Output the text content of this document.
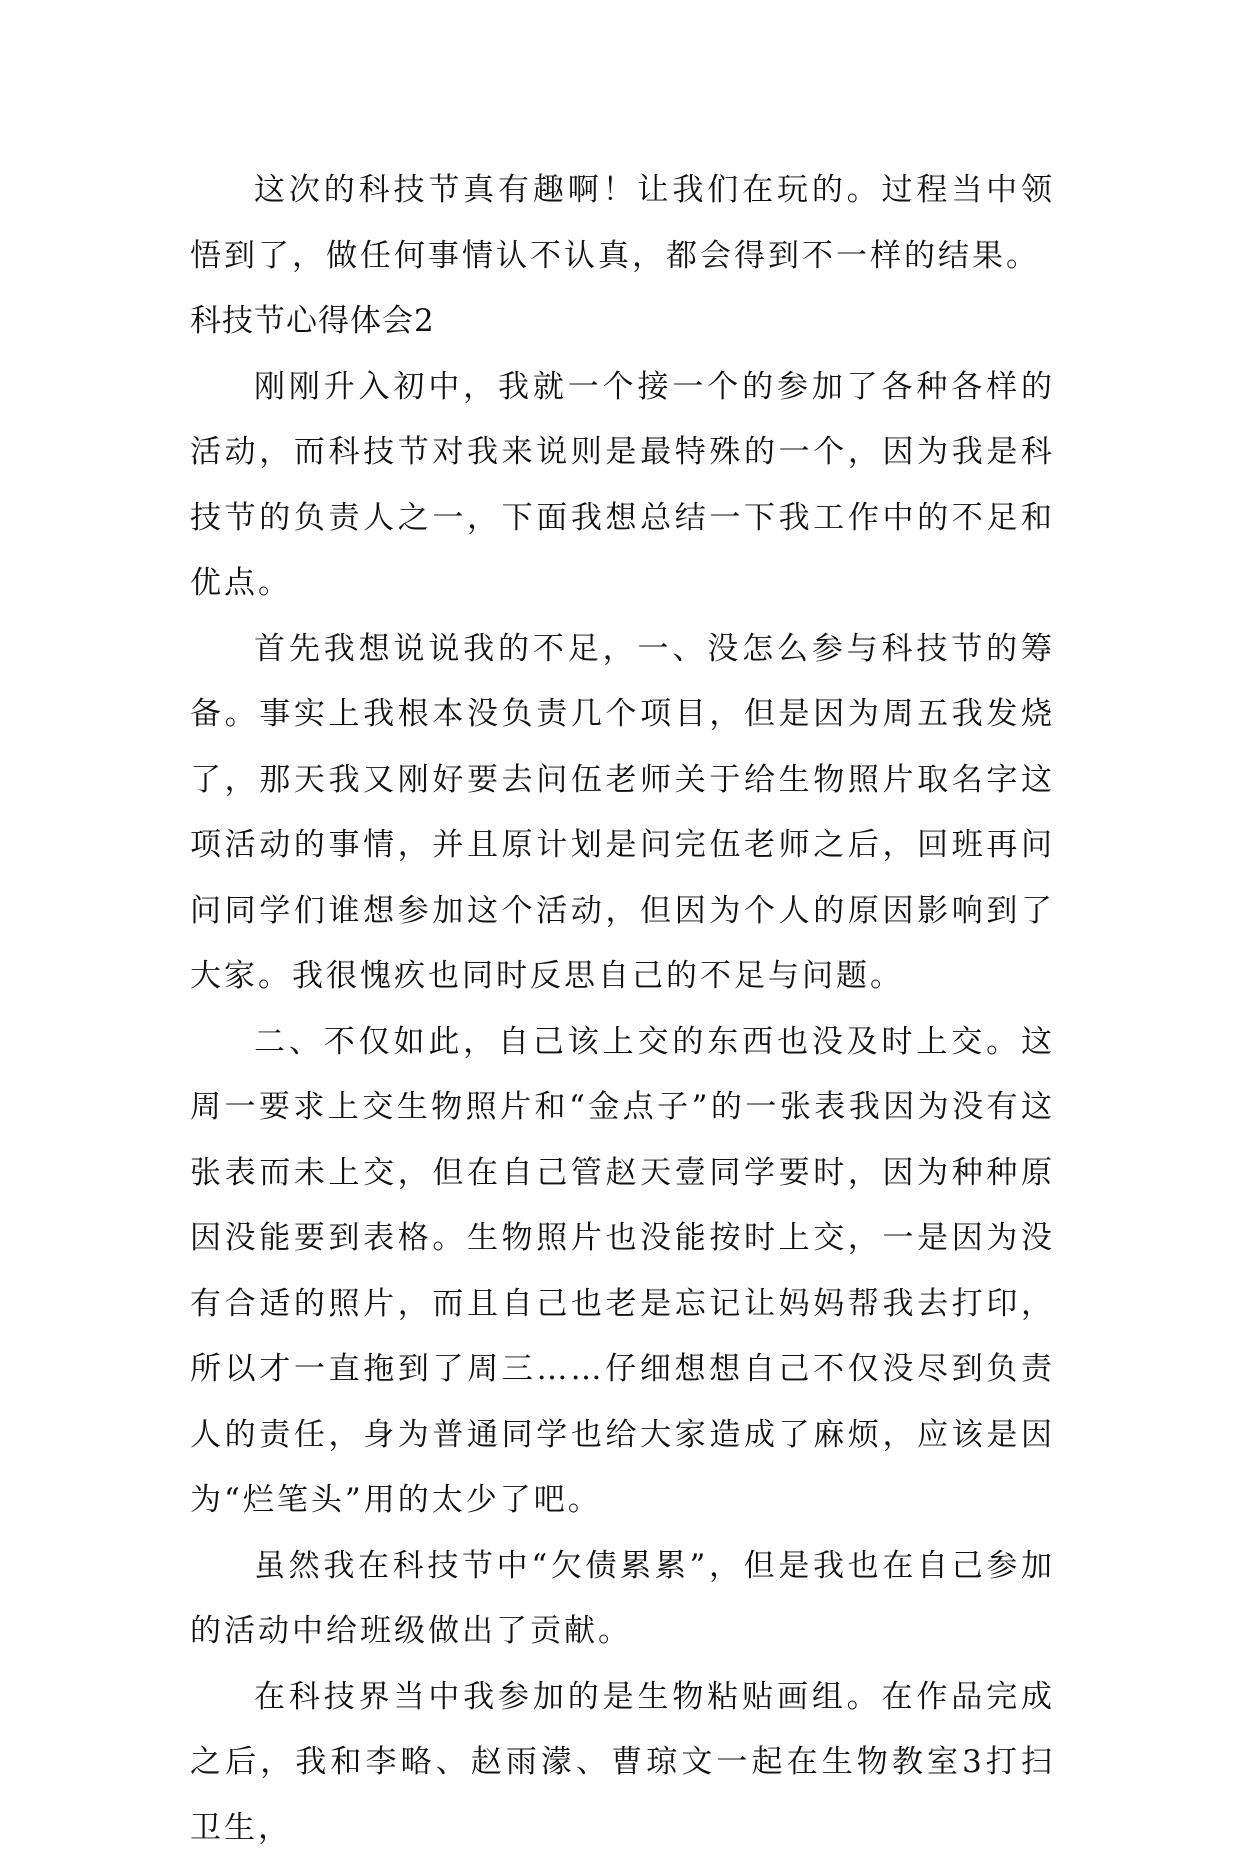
这次的科技节真有趣啊！让我们在玩的。过程当中领悟到了，做任何事情认不认真，都会得到不一样的结果。

科技节心得体会2

刚刚升入初中，我就一个接一个的参加了各种各样的活动，而科技节对我来说则是最特殊的一个，因为我是科技节的负责人之一，下面我想总结一下我工作中的不足和优点。

首先我想说说我的不足，一、没怎么参与科技节的筹备。事实上我根本没负责几个项目，但是因为周五我发烧了，那天我又刚好要去问伍老师关于给生物照片取名字这项活动的事情，并且原计划是问完伍老师之后，回班再问问同学们谁想参加这个活动，但因为个人的原因影响到了大家。我很愧疚也同时反思自己的不足与问题。

二、不仅如此，自己该上交的东西也没及时上交。这周一要求上交生物照片和“金点子”的一张表我因为没有这张表而未上交，但在自己管赵天壹同学要时，因为种种原因没能要到表格。生物照片也没能按时上交，一是因为没有合适的照片，而且自己也老是忘记让妈妈帮我去打印，所以才一直拖到了周三……仔细想想自己不仅没尽到负责人的责任，身为普通同学也给大家造成了麻烦，应该是因为“烂笔头”用的太少了吧。

虽然我在科技节中“欠债累累”，但是我也在自己参加的活动中给班级做出了贡献。

在科技界当中我参加的是生物粘贴画组。在作品完成之后，我和李略、赵雨濛、曹琼文一起在生物教室3打扫卫生，
